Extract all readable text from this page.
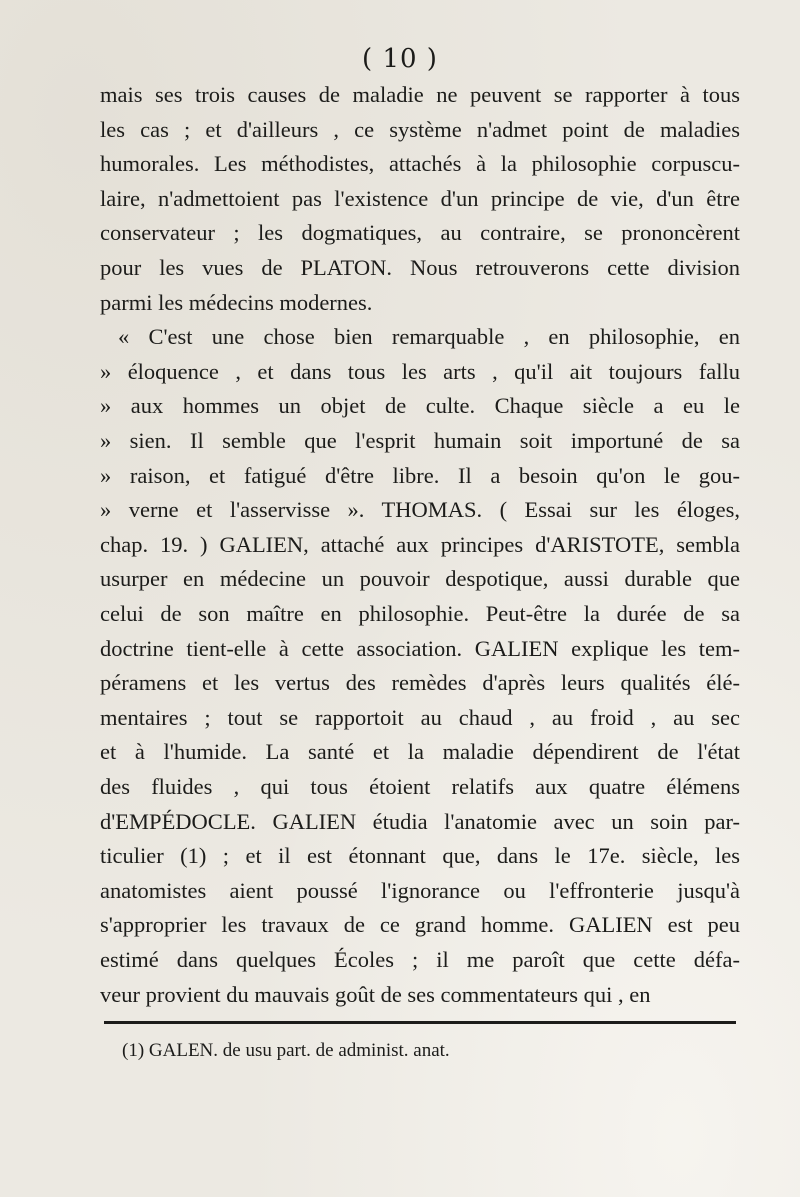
( 10 )
mais ses trois causes de maladie ne peuvent se rapporter à tous
les cas ; et d'ailleurs , ce système n'admet point de maladies
humorales. Les méthodistes, attachés à la philosophie corpuscu-
laire, n'admettoient pas l'existence d'un principe de vie, d'un être
conservateur ; les dogmatiques, au contraire, se prononcèrent
pour les vues de PLATON. Nous retrouverons cette division
parmi les médecins modernes.
« C'est une chose bien remarquable , en philosophie, en
» éloquence , et dans tous les arts , qu'il ait toujours fallu
» aux hommes un objet de culte. Chaque siècle a eu le
» sien. Il semble que l'esprit humain soit importuné de sa
» raison, et fatigué d'être libre. Il a besoin qu'on le gou-
» verne et l'asservisse ». THOMAS. ( Essai sur les éloges,
chap. 19. ) GALIEN, attaché aux principes d'ARISTOTE, sembla
usurper en médecine un pouvoir despotique, aussi durable que
celui de son maître en philosophie. Peut-être la durée de sa
doctrine tient-elle à cette association. GALIEN explique les tem-
péramens et les vertus des remèdes d'après leurs qualités élé-
mentaires ; tout se rapportoit au chaud , au froid , au sec
et à l'humide. La santé et la maladie dépendirent de l'état
des fluides , qui tous étoient relatifs aux quatre élémens
d'EMPÉDOCLE. GALIEN étudia l'anatomie avec un soin par-
ticulier (1) ; et il est étonnant que, dans le 17e. siècle, les
anatomistes aient poussé l'ignorance ou l'effronterie jusqu'à
s'approprier les travaux de ce grand homme. GALIEN est peu
estimé dans quelques Écoles ; il me paroît que cette défa-
veur provient du mauvais goût de ses commentateurs qui , en
(1) GALEN. de usu part. de administ. anat.
